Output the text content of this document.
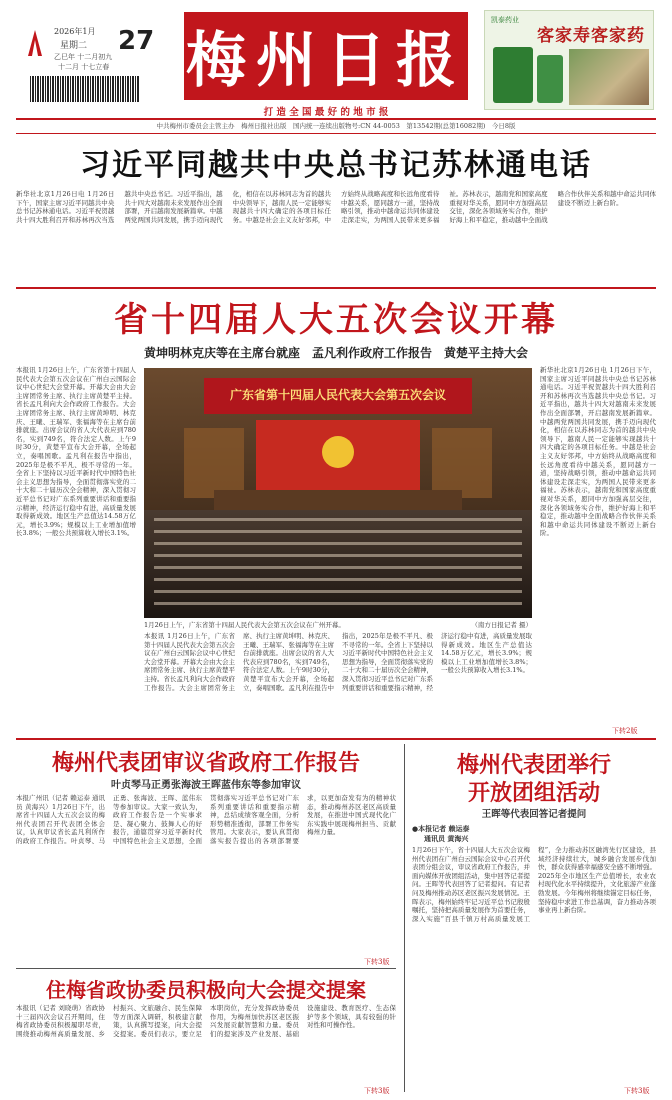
2026年1月
星期二 27
乙巳年 十二月初九
十二月 十七立春 梅州日报
打 造 全 国 最 好 的 地 市 报
凯泰药业
客家寿客家药
中共梅州市委员会主管主办　梅州日报社出版　国内统一连续出版物号:CN 44-0053　第13542期(总第16082期)　今日8版
习近平同越共中央总书记苏林通电话
新华社北京1月26日电 1月26日下午，国家主席习近平同越共中央总书记苏林通电话。习近平祝贺越共十四大胜利召开和苏林再次当选越共中央总书记。习近平指出，越共十四大对越南未来发展作出全面部署，开启越南发展新篇章。中越两党两国共同发展，携手迈向现代化，相信在以苏林同志为首的越共中央领导下，越南人民一定能够实现越共十四大确定的各项目标任务。中越是社会主义友好邻邦，中方始终从战略高度和长远角度看待中越关系，愿同越方一道，坚持战略引领，推动中越命运共同体建设走深走实，为两国人民带来更多福祉。苏林表示，越南党和国家高度重视对华关系，愿同中方加强高层交往，深化各领域务实合作，维护好海上和平稳定，推动越中全面战略合作伙伴关系和越中命运共同体建设不断迈上新台阶。
省十四届人大五次会议开幕
黄坤明林克庆等在主席台就座　孟凡利作政府工作报告　黄楚平主持大会
本报讯 1月26日上午，广东省第十四届人民代表大会第五次会议在广州白云国际会议中心世纪大会堂开幕。开幕大会由大会主席团常务主席、执行主席黄楚平主持。省长孟凡利向大会作政府工作报告。大会主席团常务主席、执行主席黄坤明、林克庆、王曦、王瑞军、张福海等在主席台前排就座。出席会议的省人大代表应到780名，实到749名，符合法定人数。上午9时30分，黄楚平宣布大会开幕，全场起立，奏唱国歌。孟凡利在报告中指出，2025年是极不平凡、极不寻常的一年。全省上下坚持以习近平新时代中国特色社会主义思想为指导，全面贯彻落实党的二十大和二十届历次全会精神，深入贯彻习近平总书记对广东系列重要讲话和重要指示精神，经济运行稳中有进，高质量发展取得新成效。地区生产总值达14.58万亿元，增长3.9%；规模以上工业增加值增长3.8%；一般公共预算收入增长3.1%。
广东省第十四届人民代表大会第五次会议
1月26日上午，广东省第十四届人民代表大会第五次会议在广州开幕。	（南方日报记者 摄）
新华社北京1月26日电 1月26日下午，国家主席习近平同越共中央总书记苏林通电话。习近平祝贺越共十四大胜利召开和苏林再次当选越共中央总书记。习近平指出，越共十四大对越南未来发展作出全面部署，开启越南发展新篇章。中越两党两国共同发展，携手迈向现代化，相信在以苏林同志为首的越共中央领导下，越南人民一定能够实现越共十四大确定的各项目标任务。中越是社会主义友好邻邦，中方始终从战略高度和长远角度看待中越关系，愿同越方一道，坚持战略引领，推动中越命运共同体建设走深走实，为两国人民带来更多福祉。苏林表示，越南党和国家高度重视对华关系，愿同中方加强高层交往，深化各领域务实合作，维护好海上和平稳定，推动越中全面战略合作伙伴关系和越中命运共同体建设不断迈上新台阶。
本报讯 1月26日上午，广东省第十四届人民代表大会第五次会议在广州白云国际会议中心世纪大会堂开幕。开幕大会由大会主席团常务主席、执行主席黄楚平主持。省长孟凡利向大会作政府工作报告。大会主席团常务主席、执行主席黄坤明、林克庆、王曦、王瑞军、张福海等在主席台前排就座。出席会议的省人大代表应到780名，实到749名，符合法定人数。上午9时30分，黄楚平宣布大会开幕，全场起立，奏唱国歌。孟凡利在报告中指出，2025年是极不平凡、极不寻常的一年。全省上下坚持以习近平新时代中国特色社会主义思想为指导，全面贯彻落实党的二十大和二十届历次全会精神，深入贯彻习近平总书记对广东系列重要讲话和重要指示精神，经济运行稳中有进，高质量发展取得新成效。地区生产总值达14.58万亿元，增长3.9%；规模以上工业增加值增长3.8%；一般公共预算收入增长3.1%。
下转2版
梅州代表团审议省政府工作报告
叶贞琴马正勇张海波王晖蓝伟东等参加审议
本报广州讯（记者 赖运泰 通讯员 黄海兴）1月26日下午，出席省十四届人大五次会议的梅州代表团召开代表团全体会议，认真审议省长孟凡利所作的政府工作报告。叶贞琴、马正勇、张海波、王晖、蓝伟东等参加审议。大家一致认为，政府工作报告是一个实事求是、凝心聚力、鼓舞人心的好报告，通篇贯穿习近平新时代中国特色社会主义思想，全面贯彻落实习近平总书记对广东系列重要讲话和重要指示精神，总结成绩客观全面，分析形势精准透彻，部署工作务实管用。大家表示，要认真贯彻落实报告提出的各项部署要求，以更加奋发有为的精神状态，推动梅州苏区老区高质量发展，在推进中国式现代化广东实践中展现梅州担当、贡献梅州力量。
下转3版
住梅省政协委员积极向大会提交提案
本报讯（记者 刘晓萌）省政协十三届四次会议召开期间，住梅省政协委员积极履职尽责，围绕推动梅州高质量发展、乡村振兴、文旅融合、民生保障等方面深入调研，积极建言献策，认真撰写提案，向大会提交提案。委员们表示，要立足本职岗位，充分发挥政协委员作用，为梅州加快苏区老区振兴发展贡献智慧和力量。委员们的提案涉及产业发展、基础设施建设、教育医疗、生态保护等多个领域，具有较强的针对性和可操作性。
下转3版
梅州代表团举行
开放团组活动
王晖等代表回答记者提问
●本报记者 赖运泰
通讯员 黄海兴
1月26日下午，省十四届人大五次会议梅州代表团在广州白云国际会议中心召开代表团分组会议，审议省政府工作报告，并面向媒体开放团组活动，集中回答记者提问。王晖等代表回答了记者提问。有记者问及梅州推动苏区老区振兴发展情况。王晖表示，梅州始终牢记习近平总书记殷殷嘱托，坚持把高质量发展作为首要任务，深入实施“百县千镇万村高质量发展工程”，全力推动苏区融湾先行区建设，县域经济持续壮大，城乡融合发展步伐加快，群众获得感幸福感安全感不断增强。2025年全市地区生产总值增长，农业农村现代化水平持续提升，文化旅游产业蓬勃发展。今年梅州将继续锚定目标任务，坚持稳中求进工作总基调，奋力推动各项事业再上新台阶。
下转3版
